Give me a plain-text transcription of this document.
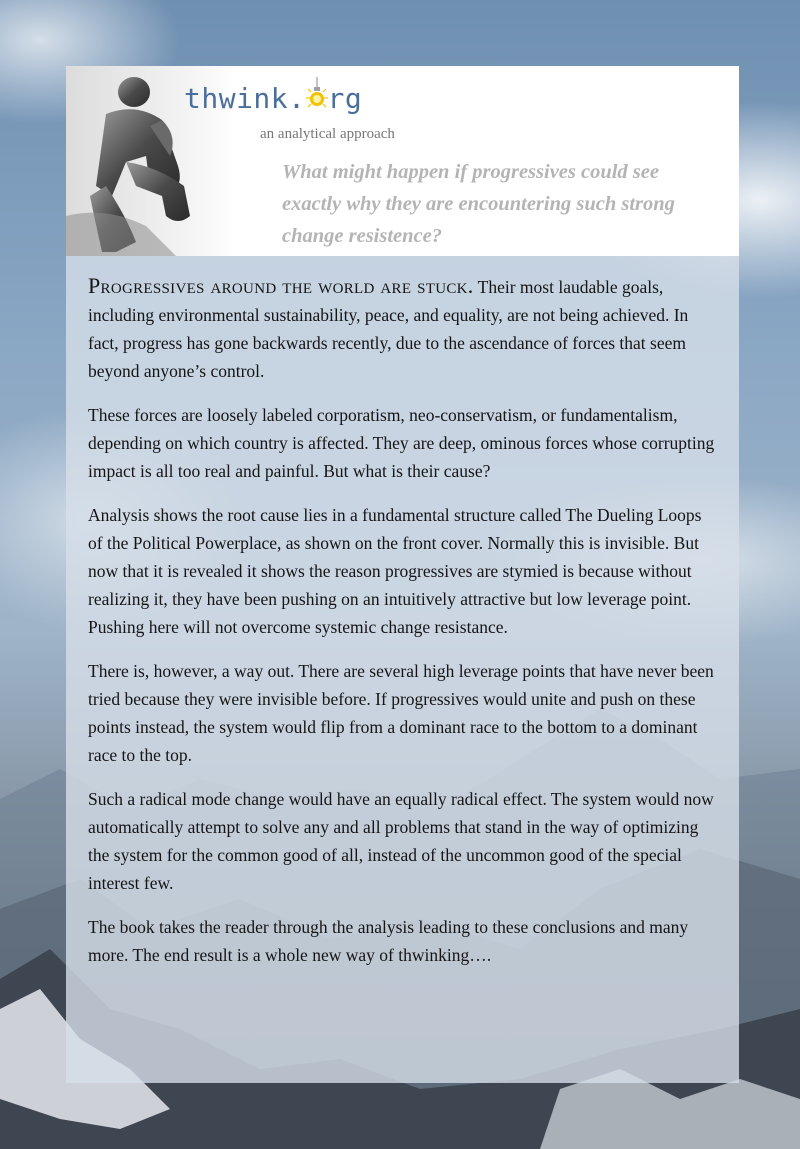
thwink. rg
an analytical approach
What might happen if progressives could see exactly why they are encountering such strong change resistence?

Progressives around the world are stuck. Their most laudable goals, including environmental sustainability, peace, and equality, are not being achieved. In fact, progress has gone backwards recently, due to the ascendance of forces that seem beyond anyone’s control.

These forces are loosely labeled corporatism, neo-conservatism, or fundamentalism, depending on which country is affected. They are deep, ominous forces whose corrupting impact is all too real and painful. But what is their cause?

Analysis shows the root cause lies in a fundamental structure called The Dueling Loops of the Political Powerplace, as shown on the front cover. Normally this is invisible. But now that it is revealed it shows the reason progressives are stymied is because without realizing it, they have been pushing on an intuitively attractive but low leverage point. Pushing here will not overcome systemic change resistance.

There is, however, a way out. There are several high leverage points that have never been tried because they were invisible before. If progressives would unite and push on these points instead, the system would flip from a dominant race to the bottom to a dominant race to the top.

Such a radical mode change would have an equally radical effect. The system would now automatically attempt to solve any and all problems that stand in the way of optimizing the system for the common good of all, instead of the uncommon good of the special interest few.

The book takes the reader through the analysis leading to these conclusions and many more. The end result is a whole new way of thwinking….
